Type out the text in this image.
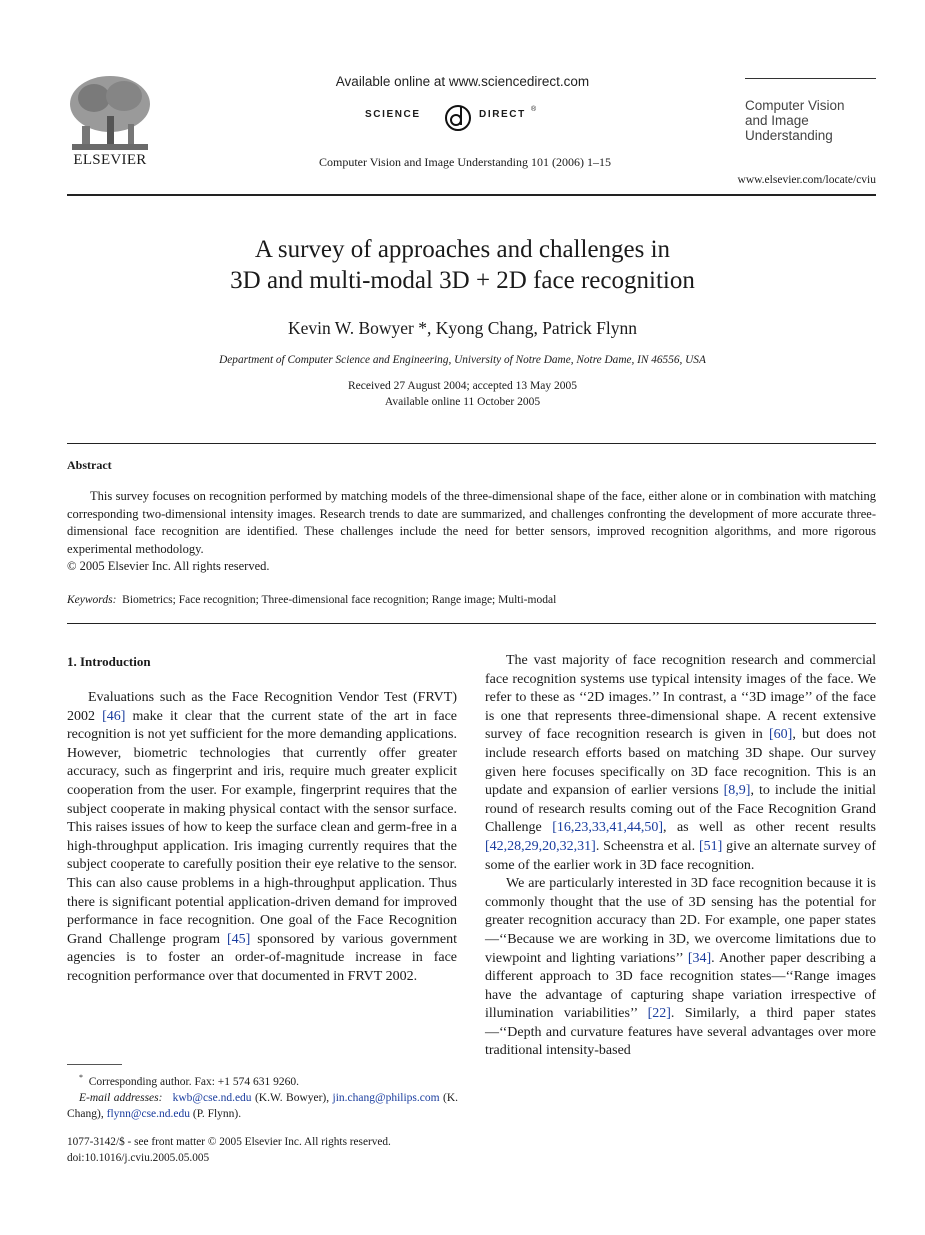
ELSEVIER
Available online at www.sciencedirect.com
SCIENCE	DIRECT ®
Computer Vision and Image Understanding 101 (2006) 1–15
Computer Vision
and Image
Understanding
www.elsevier.com/locate/cviu
A survey of approaches and challenges in
3D and multi-modal 3D + 2D face recognition
Kevin W. Bowyer *, Kyong Chang, Patrick Flynn
Department of Computer Science and Engineering, University of Notre Dame, Notre Dame, IN 46556, USA
Received 27 August 2004; accepted 13 May 2005
Available online 11 October 2005
Abstract

This survey focuses on recognition performed by matching models of the three-dimensional shape of the face, either alone or in combination with matching corresponding two-dimensional intensity images. Research trends to date are summarized, and challenges confronting the development of more accurate three-dimensional face recognition are identified. These challenges include the need for better sensors, improved recognition algorithms, and more rigorous experimental methodology.

© 2005 Elsevier Inc. All rights reserved.
Keywords: Biometrics; Face recognition; Three-dimensional face recognition; Range image; Multi-modal
1. Introduction

Evaluations such as the Face Recognition Vendor Test (FRVT) 2002 [46] make it clear that the current state of the art in face recognition is not yet sufficient for the more demanding applications. However, biometric technologies that currently offer greater accuracy, such as fingerprint and iris, require much greater explicit cooperation from the user. For example, fingerprint requires that the subject cooperate in making physical contact with the sensor surface. This raises issues of how to keep the surface clean and germ-free in a high-throughput application. Iris imaging currently requires that the subject cooperate to carefully position their eye relative to the sensor. This can also cause problems in a high-throughput application. Thus there is significant potential application-driven demand for improved performance in face recognition. One goal of the Face Recognition Grand Challenge program [45] sponsored by various government agencies is to foster an order-of-magnitude increase in face recognition performance over that documented in FRVT 2002.

The vast majority of face recognition research and commercial face recognition systems use typical intensity images of the face. We refer to these as ‘‘2D images.’’ In contrast, a ‘‘3D image’’ of the face is one that represents three-dimensional shape. A recent extensive survey of face recognition research is given in [60], but does not include research efforts based on matching 3D shape. Our survey given here focuses specifically on 3D face recognition. This is an update and expansion of earlier versions [8,9], to include the initial round of research results coming out of the Face Recognition Grand Challenge [16,23,33,41,44,50], as well as other recent results [42,28,29,20,32,31]. Scheenstra et al. [51] give an alternate survey of some of the earlier work in 3D face recognition.

We are particularly interested in 3D face recognition because it is commonly thought that the use of 3D sensing has the potential for greater recognition accuracy than 2D. For example, one paper states—‘‘Because we are working in 3D, we overcome limitations due to viewpoint and lighting variations’’ [34]. Another paper describing a different approach to 3D face recognition states—‘‘Range images have the advantage of capturing shape variation irrespective of illumination variabilities’’ [22]. Similarly, a third paper states—‘‘Depth and curvature features have several advantages over more traditional intensity-based

* Corresponding author. Fax: +1 574 631 9260.
E-mail addresses: kwb@cse.nd.edu (K.W. Bowyer), jin.chang@philips.com (K. Chang), flynn@cse.nd.edu (P. Flynn).
1077-3142/$ - see front matter © 2005 Elsevier Inc. All rights reserved.
doi:10.1016/j.cviu.2005.05.005
